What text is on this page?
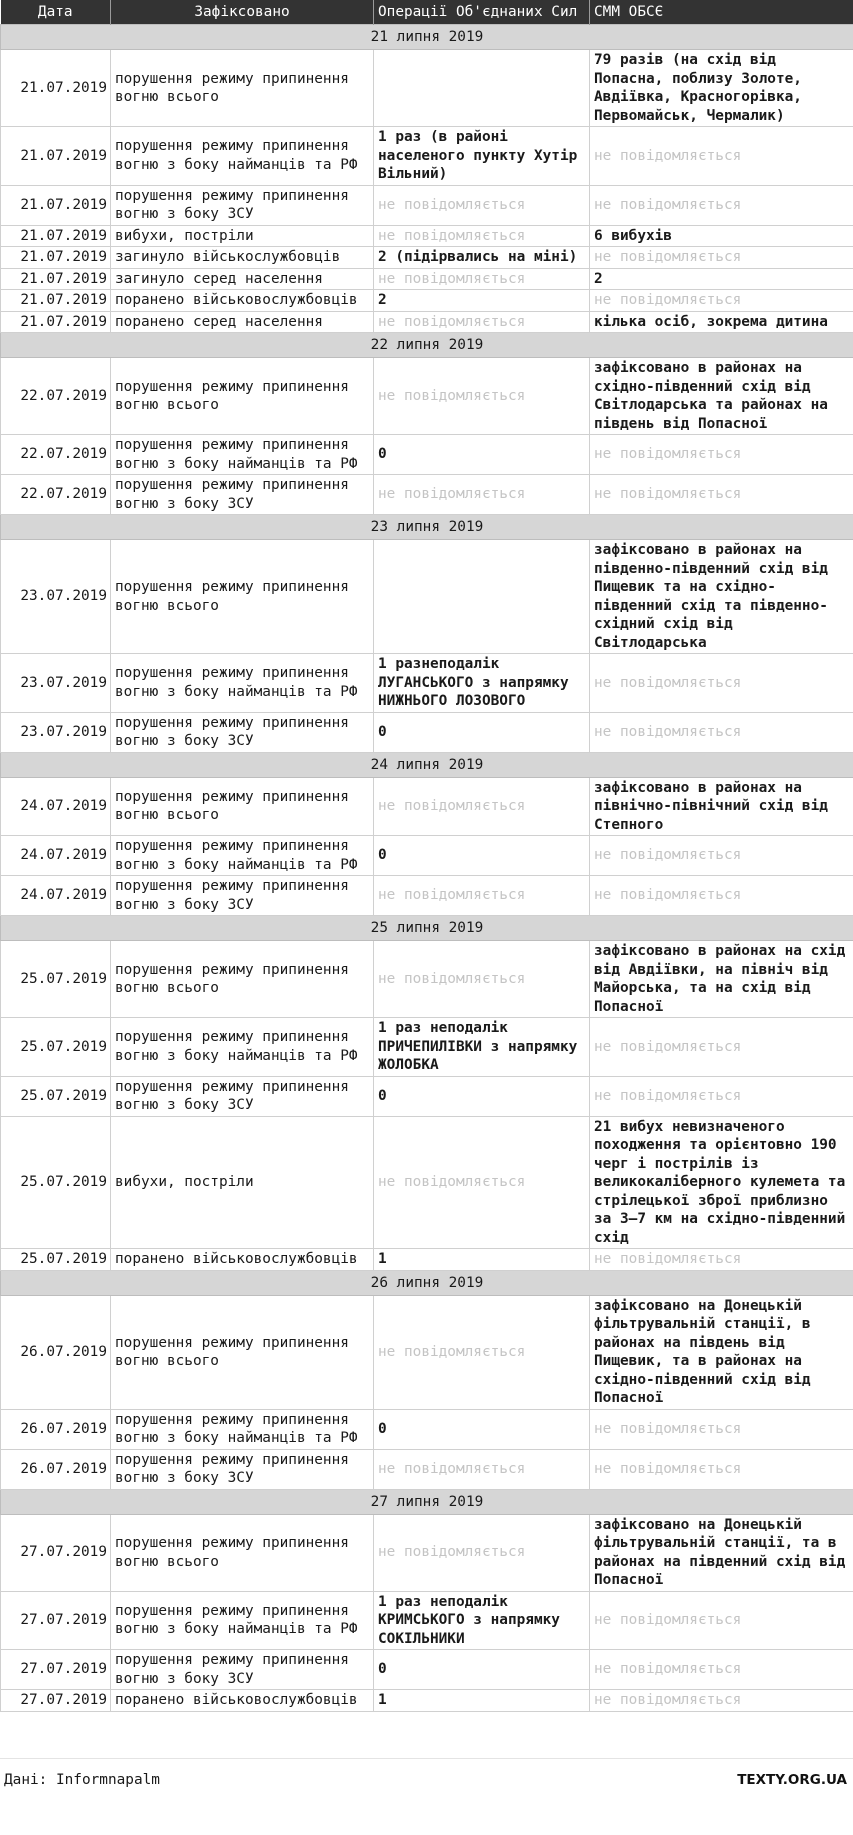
Дата	Зафіксовано	Операції Об'єднаних Сил	СММ ОБСЄ
21 липня 2019			
21.07.2019	порушення режиму припинення вогню всього		79 разів (на схід від Попасна, поблизу Золоте, Авдіївка, Красногорівка, Первомайськ, Чермалик)
21.07.2019	порушення режиму припинення вогню з боку найманців та РФ	1 раз (в районі населеного пункту Хутір Вільний)	не повідомляється
21.07.2019	порушення режиму припинення вогню з боку ЗСУ	не повідомляється	не повідомляється
21.07.2019	вибухи, постріли	не повідомляється	6 вибухів
21.07.2019	загинуло військослужбовців	2 (підірвались на міні)	не повідомляється
21.07.2019	загинуло серед населення	не повідомляється	2
21.07.2019	поранено військовослужбовців	2	не повідомляється
21.07.2019	поранено серед населення	не повідомляється	кілька осіб, зокрема дитина
22 липня 2019			
22.07.2019	порушення режиму припинення вогню всього	не повідомляється	зафіксовано в районах на східно-південний схід від Світлодарська та районах на південь від Попасної
22.07.2019	порушення режиму припинення вогню з боку найманців та РФ	0	не повідомляється
22.07.2019	порушення режиму припинення вогню з боку ЗСУ	не повідомляється	не повідомляється
23 липня 2019			
23.07.2019	порушення режиму припинення вогню всього		зафіксовано в районах на південно-південний схід від Пищевик та на східно-південний схід та південно-східний схід від Світлодарська
23.07.2019	порушення режиму припинення вогню з боку найманців та РФ	1 разнеподалік ЛУГАНСЬКОГО з напрямку НИЖНЬОГО ЛОЗОВОГО	не повідомляється
23.07.2019	порушення режиму припинення вогню з боку ЗСУ	0	не повідомляється
24 липня 2019			
24.07.2019	порушення режиму припинення вогню всього	не повідомляється	зафіксовано в районах на північно-північний схід від Степного
24.07.2019	порушення режиму припинення вогню з боку найманців та РФ	0	не повідомляється
24.07.2019	порушення режиму припинення вогню з боку ЗСУ	не повідомляється	не повідомляється
25 липня 2019			
25.07.2019	порушення режиму припинення вогню всього	не повідомляється	зафіксовано в районах на схід від Авдіївки, на північ від Майорська, та на схід від Попасної
25.07.2019	порушення режиму припинення вогню з боку найманців та РФ	1 раз неподалік ПРИЧЕПИЛІВКИ з напрямку ЖОЛОБКА	не повідомляється
25.07.2019	порушення режиму припинення вогню з боку ЗСУ	0	не повідомляється
25.07.2019	вибухи, постріли	не повідомляється	21 вибух невизначеного походження та орієнтовно 190 черг і пострілів із великокаліберного кулемета та стрілецької зброї приблизно за 3–7 км на східно-південний схід
25.07.2019	поранено військовослужбовців	1	не повідомляється
26 липня 2019			
26.07.2019	порушення режиму припинення вогню всього	не повідомляється	зафіксовано на Донецькій фільтрувальній станції, в районах на південь від Пищевик, та в районах на східно-південний схід від Попасної
26.07.2019	порушення режиму припинення вогню з боку найманців та РФ	0	не повідомляється
26.07.2019	порушення режиму припинення вогню з боку ЗСУ	не повідомляється	не повідомляється
27 липня 2019			
27.07.2019	порушення режиму припинення вогню всього	не повідомляється	зафіксовано на Донецькій фільтрувальній станції, та в районах на південний схід від Попасної
27.07.2019	порушення режиму припинення вогню з боку найманців та РФ	1 раз неподалік КРИМСЬКОГО з напрямку СОКІЛЬНИКИ	не повідомляється
27.07.2019	порушення режиму припинення вогню з боку ЗСУ	0	не повідомляється
27.07.2019	поранено військовослужбовців	1	не повідомляється
Дані: Informnapalm	TEXTY.ORG.UA
